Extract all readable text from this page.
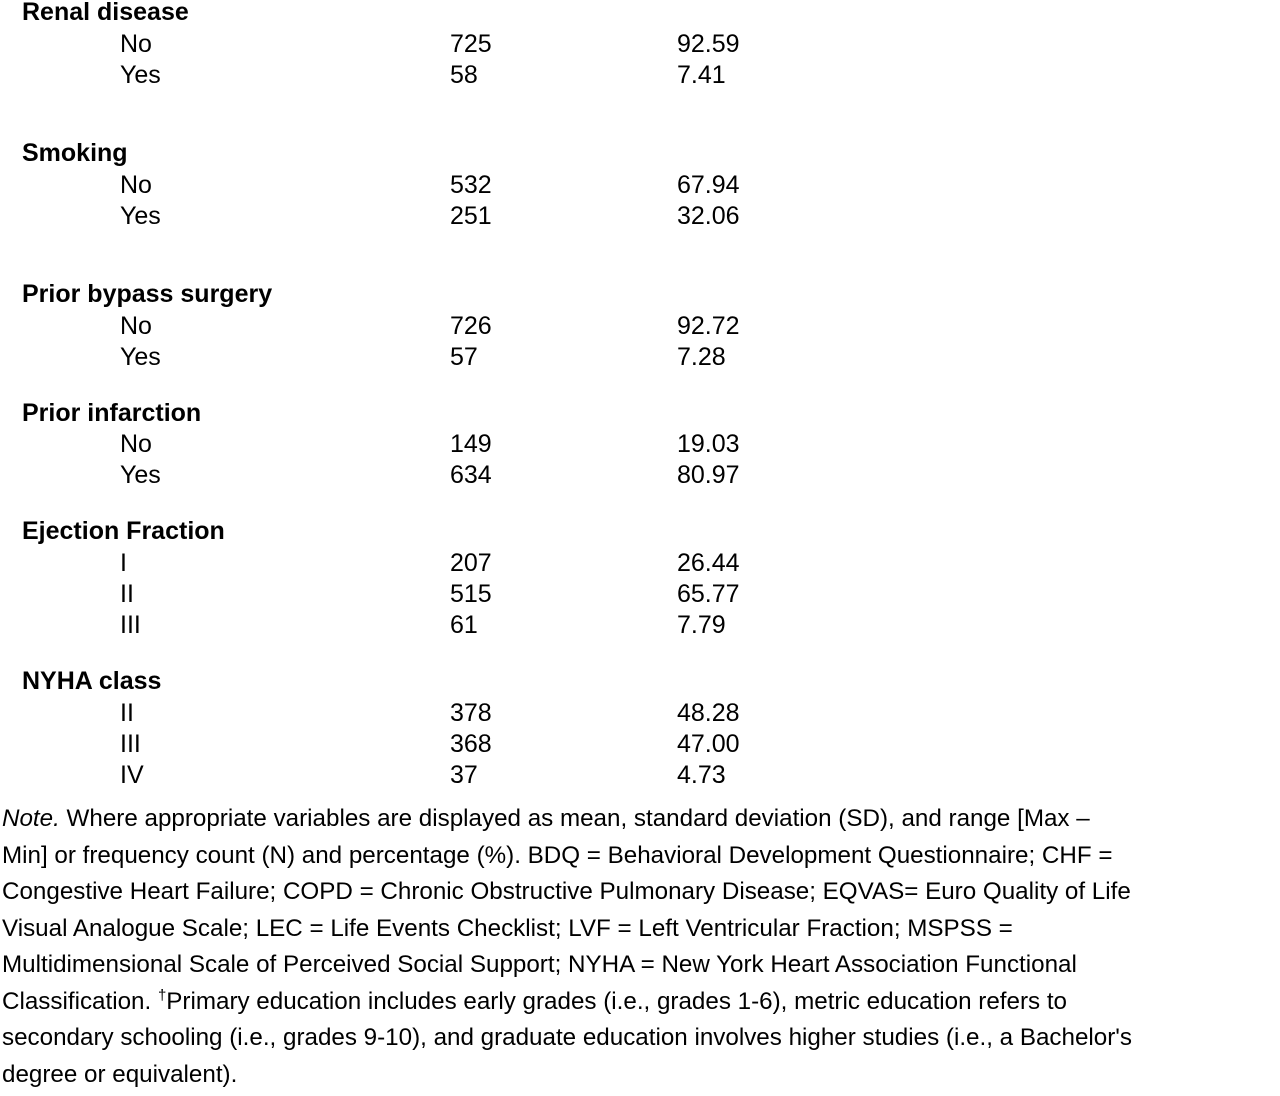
Renal disease
No	725	92.59
Yes	58	7.41
Smoking
No	532	67.94
Yes	251	32.06
Prior bypass surgery
No	726	92.72
Yes	57	7.28
Prior infarction
No	149	19.03
Yes	634	80.97
Ejection Fraction
I	207	26.44
II	515	65.77
III	61	7.79
NYHA class
II	378	48.28
III	368	47.00
IV	37	4.73
Note. Where appropriate variables are displayed as mean, standard deviation (SD), and range [Max –
Min] or frequency count (N) and percentage (%). BDQ = Behavioral Development Questionnaire; CHF =
Congestive Heart Failure; COPD = Chronic Obstructive Pulmonary Disease; EQVAS= Euro Quality of Life
Visual Analogue Scale; LEC = Life Events Checklist; LVF = Left Ventricular Fraction; MSPSS =
Multidimensional Scale of Perceived Social Support; NYHA = New York Heart Association Functional
Classification. †Primary education includes early grades (i.e., grades 1-6), metric education refers to
secondary schooling (i.e., grades 9-10), and graduate education involves higher studies (i.e., a Bachelor's
degree or equivalent).
